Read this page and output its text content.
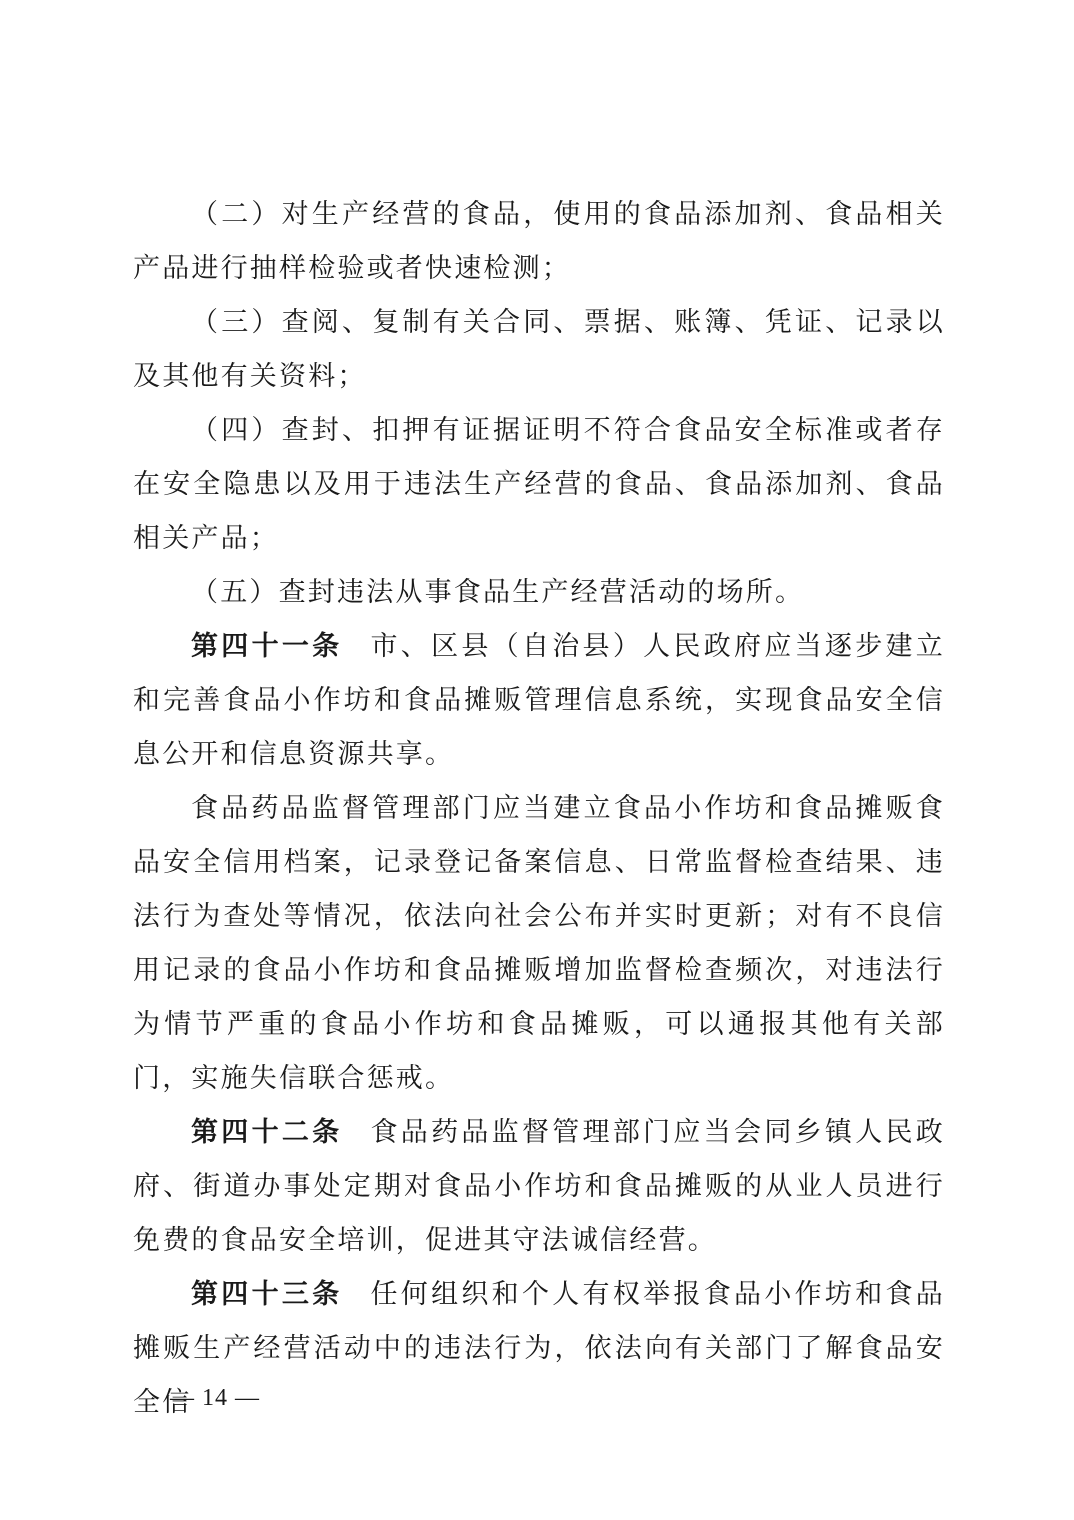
（二）对生产经营的食品，使用的食品添加剂、食品相关产品进行抽样检验或者快速检测；

（三）查阅、复制有关合同、票据、账簿、凭证、记录以及其他有关资料；

（四）查封、扣押有证据证明不符合食品安全标准或者存在安全隐患以及用于违法生产经营的食品、食品添加剂、食品相关产品；

（五）查封违法从事食品生产经营活动的场所。

第四十一条 市、区县（自治县）人民政府应当逐步建立和完善食品小作坊和食品摊贩管理信息系统，实现食品安全信息公开和信息资源共享。

食品药品监督管理部门应当建立食品小作坊和食品摊贩食品安全信用档案，记录登记备案信息、日常监督检查结果、违法行为查处等情况，依法向社会公布并实时更新；对有不良信用记录的食品小作坊和食品摊贩增加监督检查频次，对违法行为情节严重的食品小作坊和食品摊贩，可以通报其他有关部门，实施失信联合惩戒。

第四十二条 食品药品监督管理部门应当会同乡镇人民政府、街道办事处定期对食品小作坊和食品摊贩的从业人员进行免费的食品安全培训，促进其守法诚信经营。

第四十三条 任何组织和个人有权举报食品小作坊和食品摊贩生产经营活动中的违法行为，依法向有关部门了解食品安全信

— 14 —
